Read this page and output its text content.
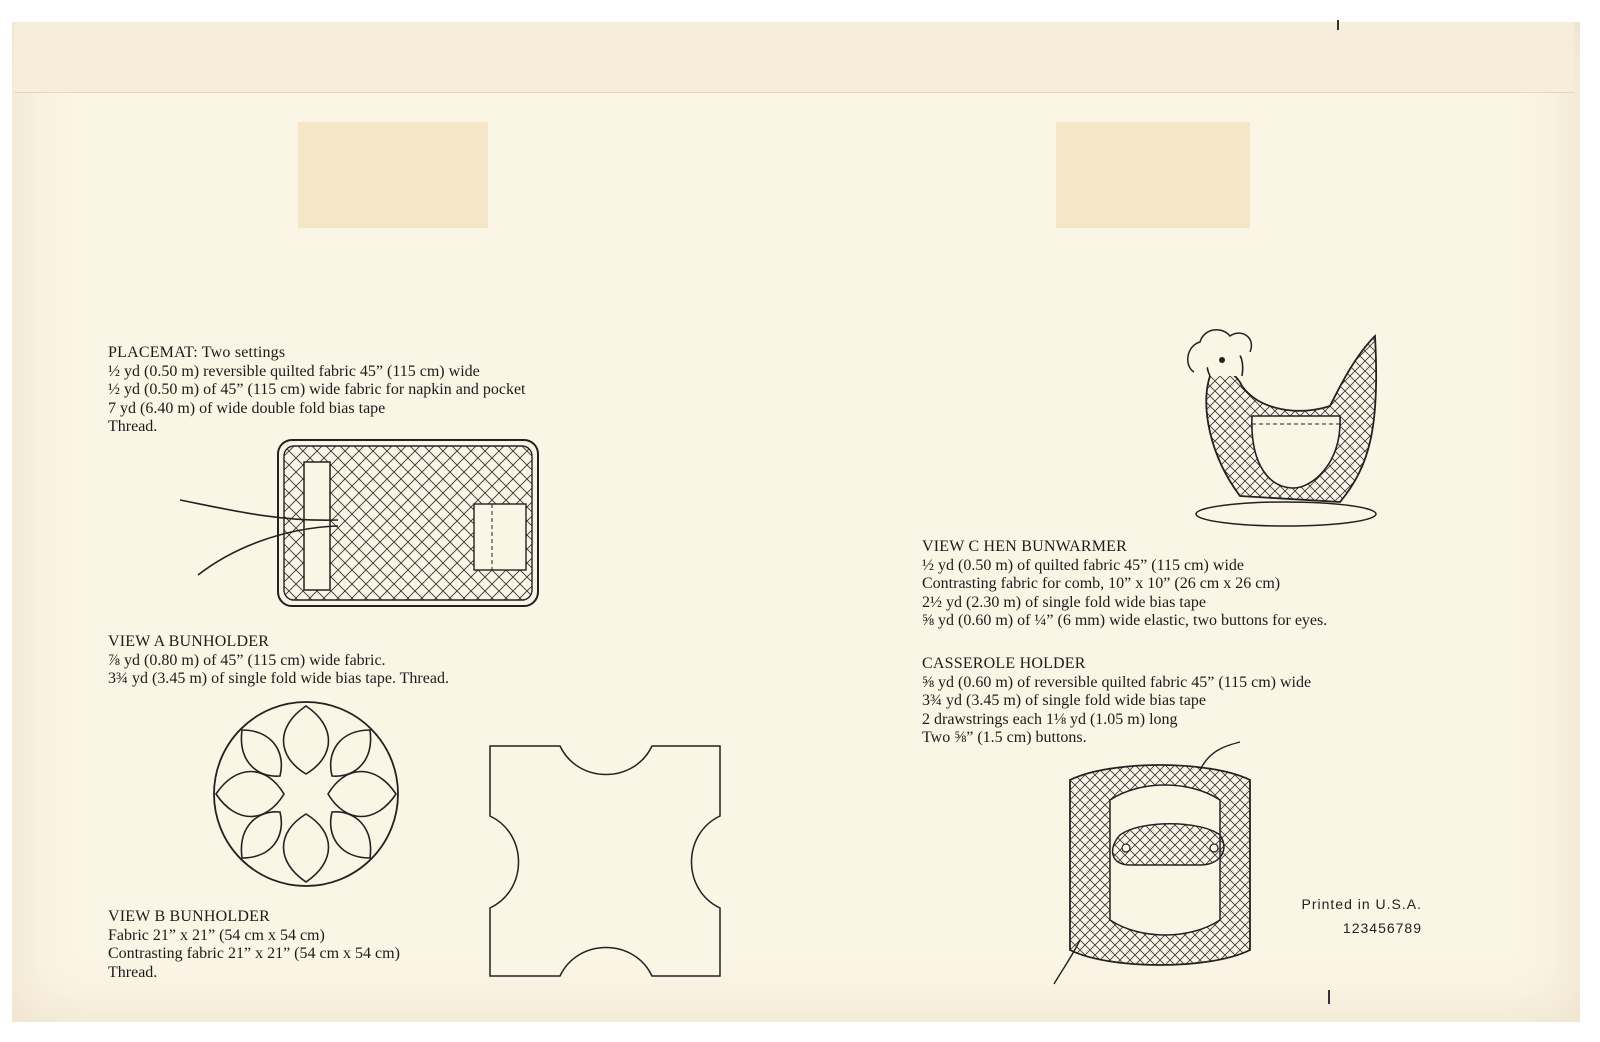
PLACEMAT: Two settings
½ yd (0.50 m) reversible quilted fabric 45” (115 cm) wide
½ yd (0.50 m) of 45” (115 cm) wide fabric for napkin and pocket
7 yd (6.40 m) of wide double fold bias tape
Thread.
VIEW A BUNHOLDER
⅞ yd (0.80 m) of 45” (115 cm) wide fabric.
3¾ yd (3.45 m) of single fold wide bias tape. Thread.
VIEW B BUNHOLDER
Fabric 21” x 21” (54 cm x 54 cm)
Contrasting fabric 21” x 21” (54 cm x 54 cm)
Thread.
VIEW C HEN BUNWARMER
½ yd (0.50 m) of quilted fabric 45” (115 cm) wide
Contrasting fabric for comb, 10” x 10” (26 cm x 26 cm)
2½ yd (2.30 m) of single fold wide bias tape
⅝ yd (0.60 m) of ¼” (6 mm) wide elastic, two buttons for eyes.
CASSEROLE HOLDER
⅝ yd (0.60 m) of reversible quilted fabric 45” (115 cm) wide
3¾ yd (3.45 m) of single fold wide bias tape
2 drawstrings each 1⅛ yd (1.05 m) long
Two ⅝” (1.5 cm) buttons.
Printed in U.S.A.
123456789
